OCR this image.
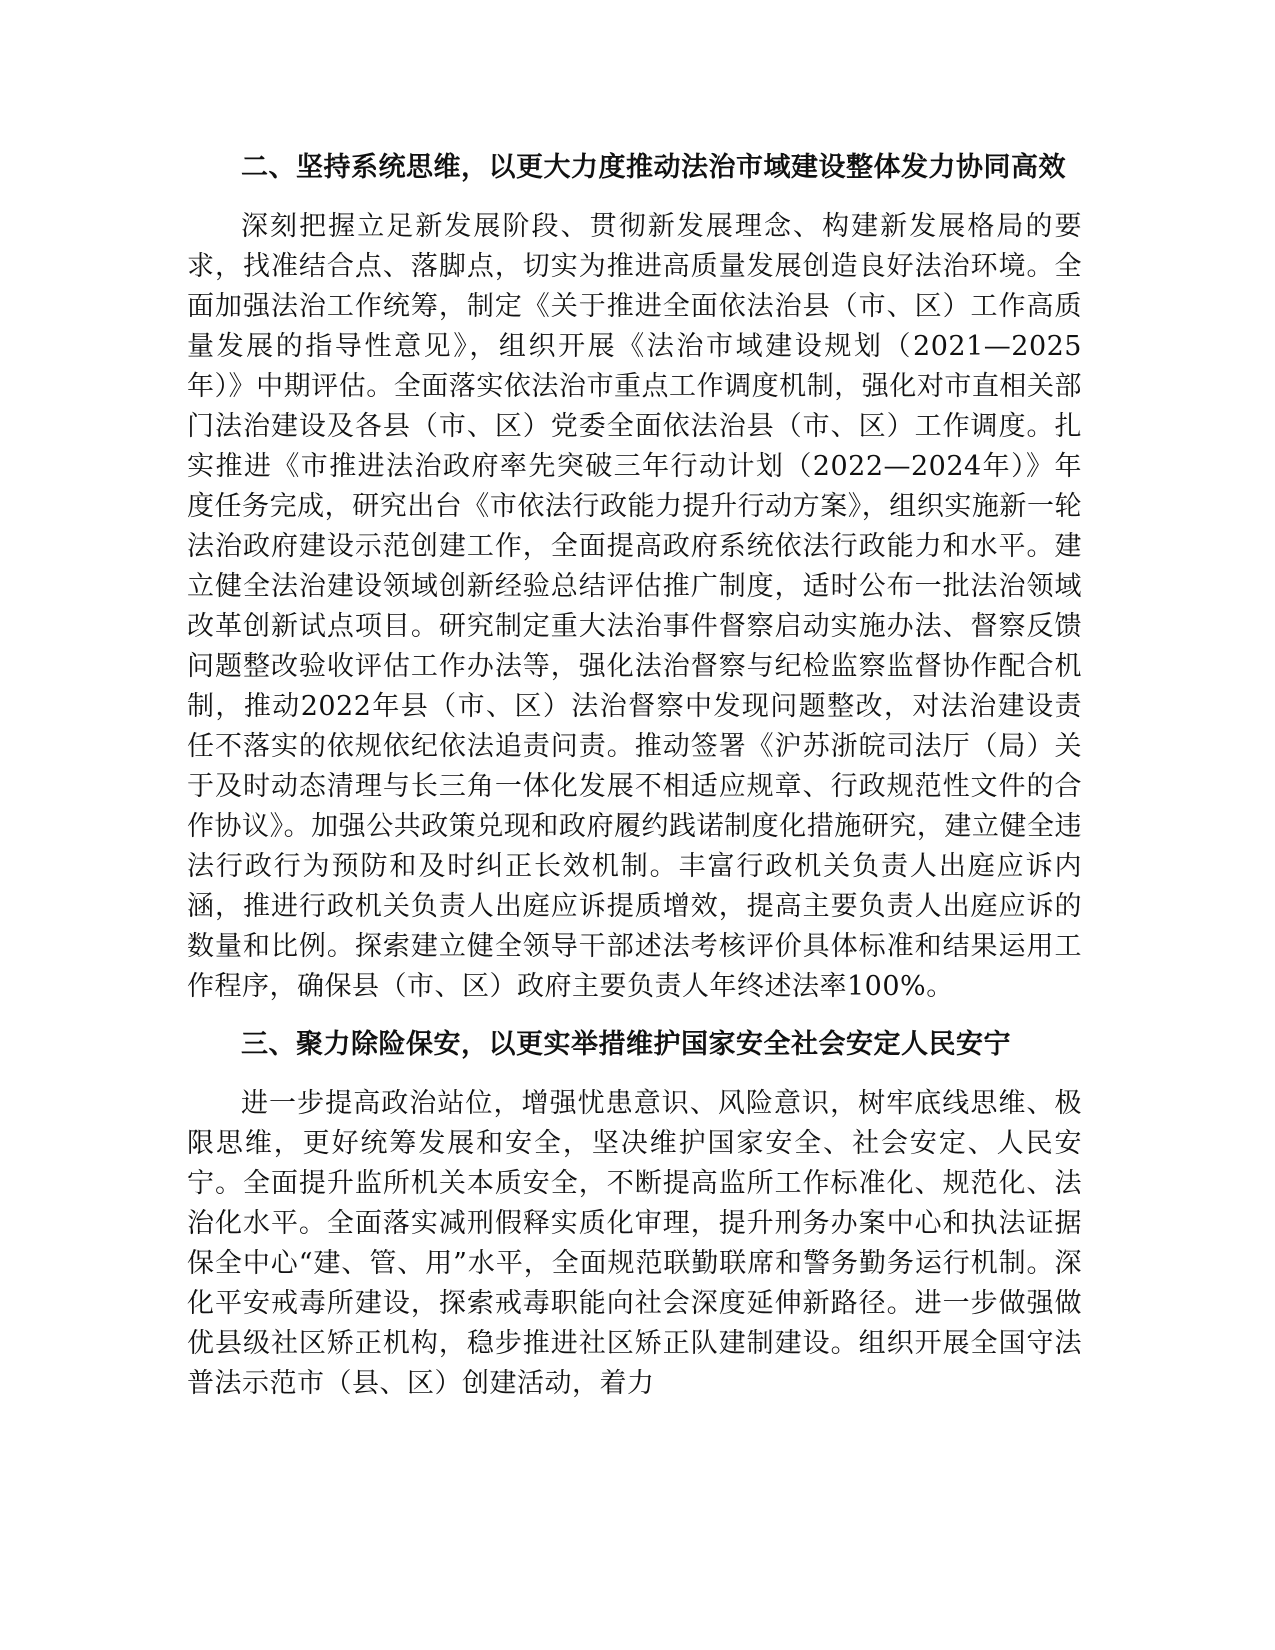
二、坚持系统思维，以更大力度推动法治市域建设整体发力协同高效
深刻把握立足新发展阶段、贯彻新发展理念、构建新发展格局的要求，找准结合点、落脚点，切实为推进高质量发展创造良好法治环境。全面加强法治工作统筹，制定《关于推进全面依法治县（市、区）工作高质量发展的指导性意见》，组织开展《法治市域建设规划（2021—2025年）》中期评估。全面落实依法治市重点工作调度机制，强化对市直相关部门法治建设及各县（市、区）党委全面依法治县（市、区）工作调度。扎实推进《市推进法治政府率先突破三年行动计划（2022—2024年）》年度任务完成，研究出台《市依法行政能力提升行动方案》，组织实施新一轮法治政府建设示范创建工作，全面提高政府系统依法行政能力和水平。建立健全法治建设领域创新经验总结评估推广制度，适时公布一批法治领域改革创新试点项目。研究制定重大法治事件督察启动实施办法、督察反馈问题整改验收评估工作办法等，强化法治督察与纪检监察监督协作配合机制，推动2022年县（市、区）法治督察中发现问题整改，对法治建设责任不落实的依规依纪依法追责问责。推动签署《沪苏浙皖司法厅（局）关于及时动态清理与长三角一体化发展不相适应规章、行政规范性文件的合作协议》。加强公共政策兑现和政府履约践诺制度化措施研究，建立健全违法行政行为预防和及时纠正长效机制。丰富行政机关负责人出庭应诉内涵，推进行政机关负责人出庭应诉提质增效，提高主要负责人出庭应诉的数量和比例。探索建立健全领导干部述法考核评价具体标准和结果运用工作程序，确保县（市、区）政府主要负责人年终述法率100%。
三、聚力除险保安，以更实举措维护国家安全社会安定人民安宁
进一步提高政治站位，增强忧患意识、风险意识，树牢底线思维、极限思维，更好统筹发展和安全，坚决维护国家安全、社会安定、人民安宁。全面提升监所机关本质安全，不断提高监所工作标准化、规范化、法治化水平。全面落实减刑假释实质化审理，提升刑务办案中心和执法证据保全中心“建、管、用”水平，全面规范联勤联席和警务勤务运行机制。深化平安戒毒所建设，探索戒毒职能向社会深度延伸新路径。进一步做强做优县级社区矫正机构，稳步推进社区矫正队建制建设。组织开展全国守法普法示范市（县、区）创建活动，着力
